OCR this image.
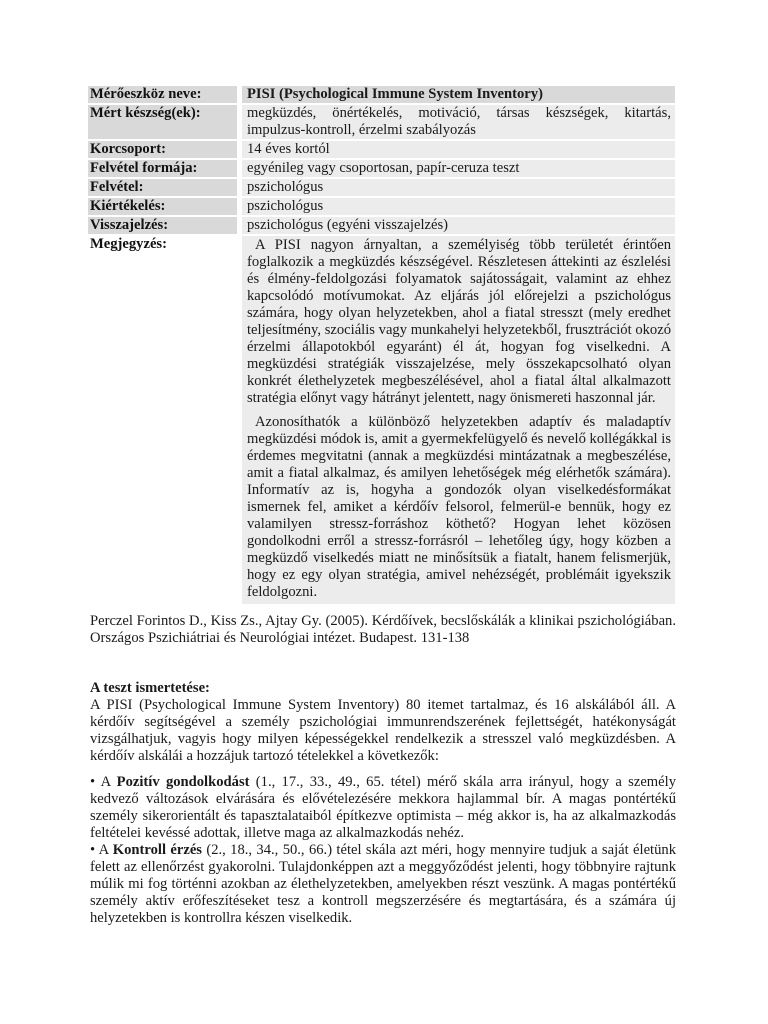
Mérőeszköz neve:	PISI (Psychological Immune System Inventory)
Mért készség(ek):	megküzdés, önértékelés, motiváció, társas készségek, kitartás, impulzus-kontroll, érzelmi szabályozás
Korcsoport:	14 éves kortól
Felvétel formája:	egyénileg vagy csoportosan, papír-ceruza teszt
Felvétel:	pszichológus
Kiértékelés:	pszichológus
Visszajelzés:	pszichológus (egyéni visszajelzés)
Megjegyzés:	A PISI nagyon árnyaltan, a személyiség több területét érintően foglalkozik a megküzdés készségével. Részletesen áttekinti az észlelési és élmény-feldolgozási folyamatok sajátosságait, valamint az ehhez kapcsolódó motívumokat. Az eljárás jól előrejelzi a pszichológus számára, hogy olyan helyzetekben, ahol a fiatal stresszt (mely eredhet teljesítmény, szociális vagy munkahelyi helyzetekből, frusztrációt okozó érzelmi állapotokból egyaránt) él át, hogyan fog viselkedni. A megküzdési stratégiák visszajelzése, mely összekapcsolható olyan konkrét élethelyzetek megbeszélésével, ahol a fiatal által alkalmazott stratégia előnyt vagy hátrányt jelentett, nagy önismereti haszonnal jár.

Azonosíthatók a különböző helyzetekben adaptív és maladaptív megküzdési módok is, amit a gyermekfelügyelő és nevelő kollégákkal is érdemes megvitatni (annak a megküzdési mintázatnak a megbeszélése, amit a fiatal alkalmaz, és amilyen lehetőségek még elérhetők számára). Informatív az is, hogyha a gondozók olyan viselkedésformákat ismernek fel, amiket a kérdőív felsorol, felmerül-e bennük, hogy ez valamilyen stressz-forráshoz köthető? Hogyan lehet közösen gondolkodni erről a stressz-forrásról – lehetőleg úgy, hogy közben a megküzdő viselkedés miatt ne minősítsük a fiatalt, hanem felismerjük, hogy ez egy olyan stratégia, amivel nehézségét, problémáit igyekszik feldolgozni.

Perczel Forintos D., Kiss Zs., Ajtay Gy. (2005). Kérdőívek, becslőskálák a klinikai pszichológiában. Országos Pszichiátriai és Neurológiai intézet. Budapest. 131-138
A teszt ismertetése:

A PISI (Psychological Immune System Inventory) 80 itemet tartalmaz, és 16 alskálából áll. A kérdőív segítségével a személy pszichológiai immunrendszerének fejlettségét, hatékonyságát vizsgálhatjuk, vagyis hogy milyen képességekkel rendelkezik a stresszel való megküzdésben. A kérdőív alskálái a hozzájuk tartozó tételekkel a következők:

• A Pozitív gondolkodást (1., 17., 33., 49., 65. tétel) mérő skála arra irányul, hogy a személy kedvező változások elvárására és elővételezésére mekkora hajlammal bír. A magas pontértékű személy sikerorientált és tapasztalataiból építkezve optimista – még akkor is, ha az alkalmazkodás feltételei kevéssé adottak, illetve maga az alkalmazkodás nehéz.

• A Kontroll érzés (2., 18., 34., 50., 66.) tétel skála azt méri, hogy mennyire tudjuk a saját életünk felett az ellenőrzést gyakorolni. Tulajdonképpen azt a meggyőződést jelenti, hogy többnyire rajtunk múlik mi fog történni azokban az élethelyzetekben, amelyekben részt veszünk. A magas pontértékű személy aktív erőfeszítéseket tesz a kontroll megszerzésére és megtartására, és a számára új helyzetekben is kontrollra készen viselkedik.
